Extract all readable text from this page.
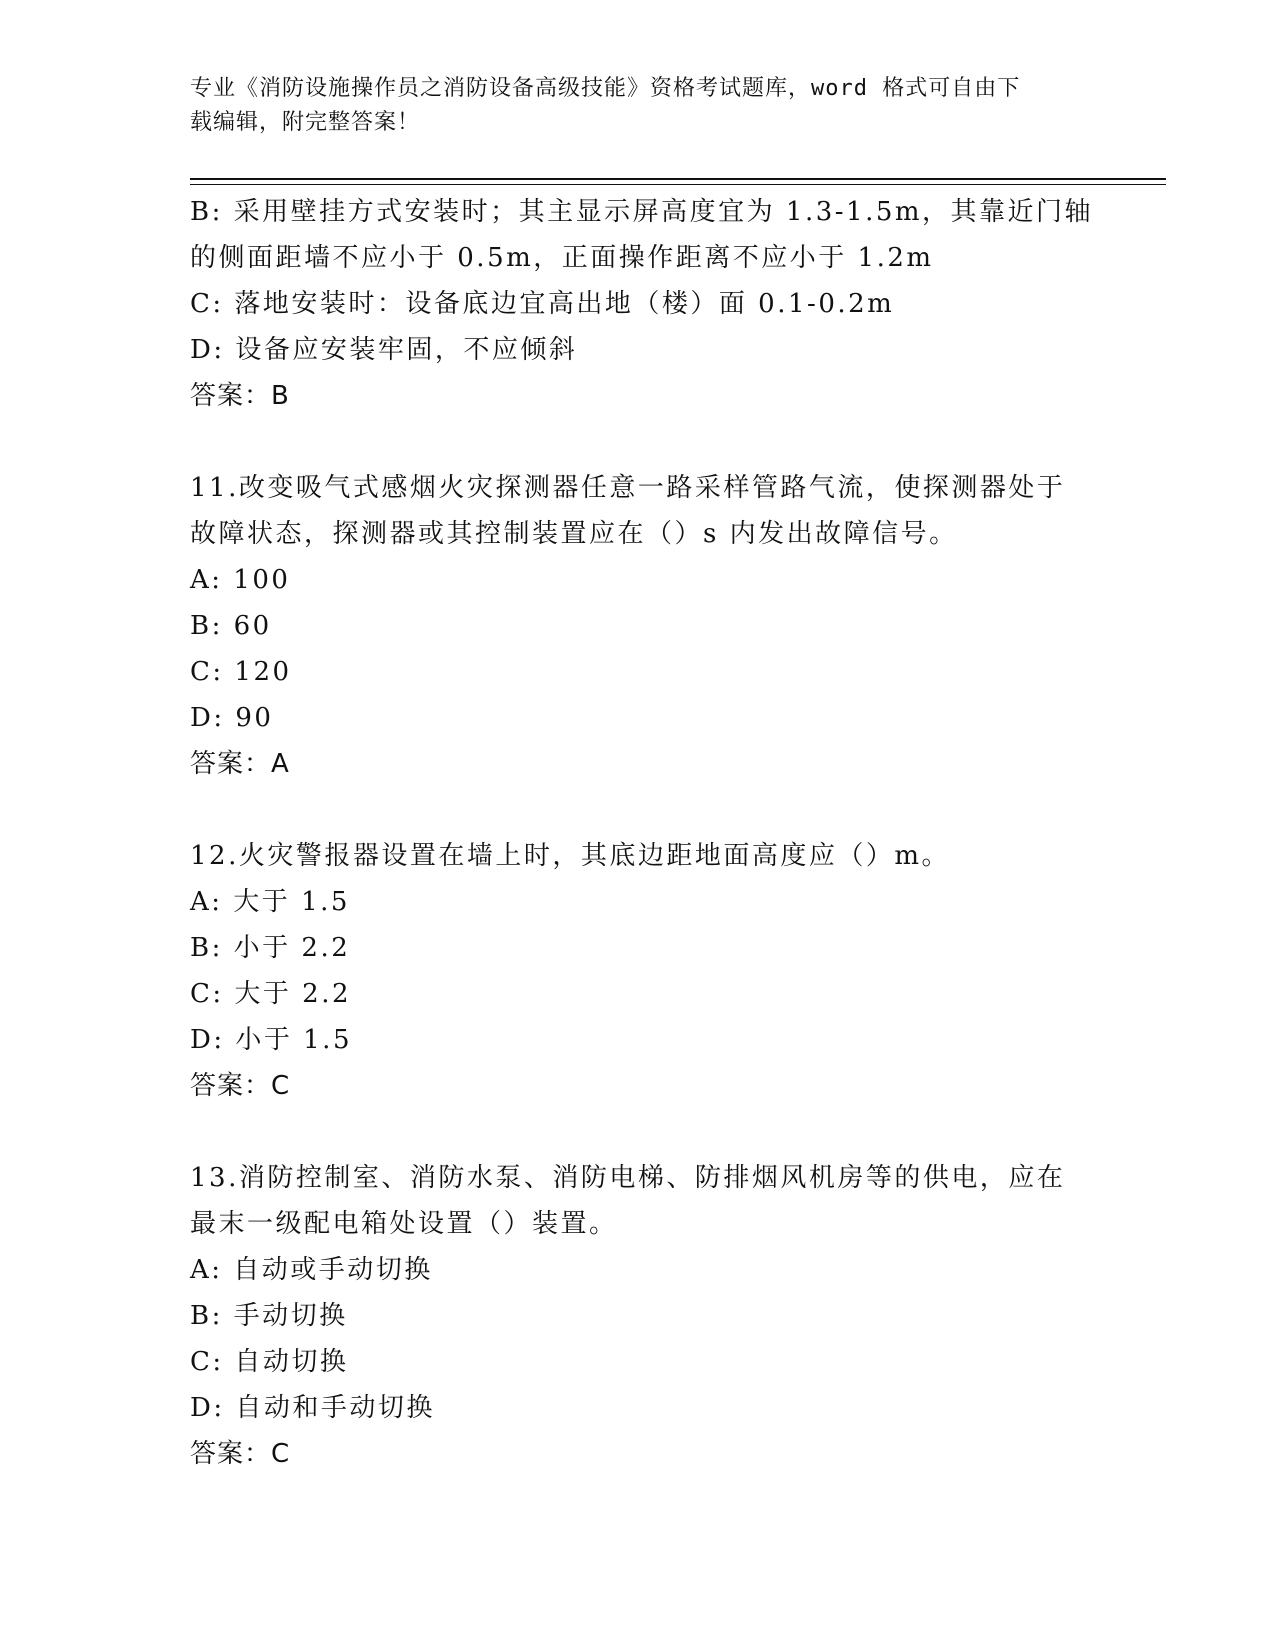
专业《消防设施操作员之消防设备高级技能》资格考试题库，word 格式可自由下
载编辑，附完整答案！
B: 采用壁挂方式安装时；其主显示屏高度宜为 1.3-1.5m，其靠近门轴
的侧面距墙不应小于 0.5m，正面操作距离不应小于 1.2m
C: 落地安装时：设备底边宜高出地（楼）面 0.1-0.2m
D: 设备应安装牢固，不应倾斜
答案：B
11.改变吸气式感烟火灾探测器任意一路采样管路气流，使探测器处于
故障状态，探测器或其控制装置应在（）s 内发出故障信号。
A: 100
B: 60
C: 120
D: 90
答案：A
12.火灾警报器设置在墙上时，其底边距地面高度应（）m。
A: 大于 1.5
B: 小于 2.2
C: 大于 2.2
D: 小于 1.5
答案：C
13.消防控制室、消防水泵、消防电梯、防排烟风机房等的供电，应在
最末一级配电箱处设置（）装置。
A: 自动或手动切换
B: 手动切换
C: 自动切换
D: 自动和手动切换
答案：C
